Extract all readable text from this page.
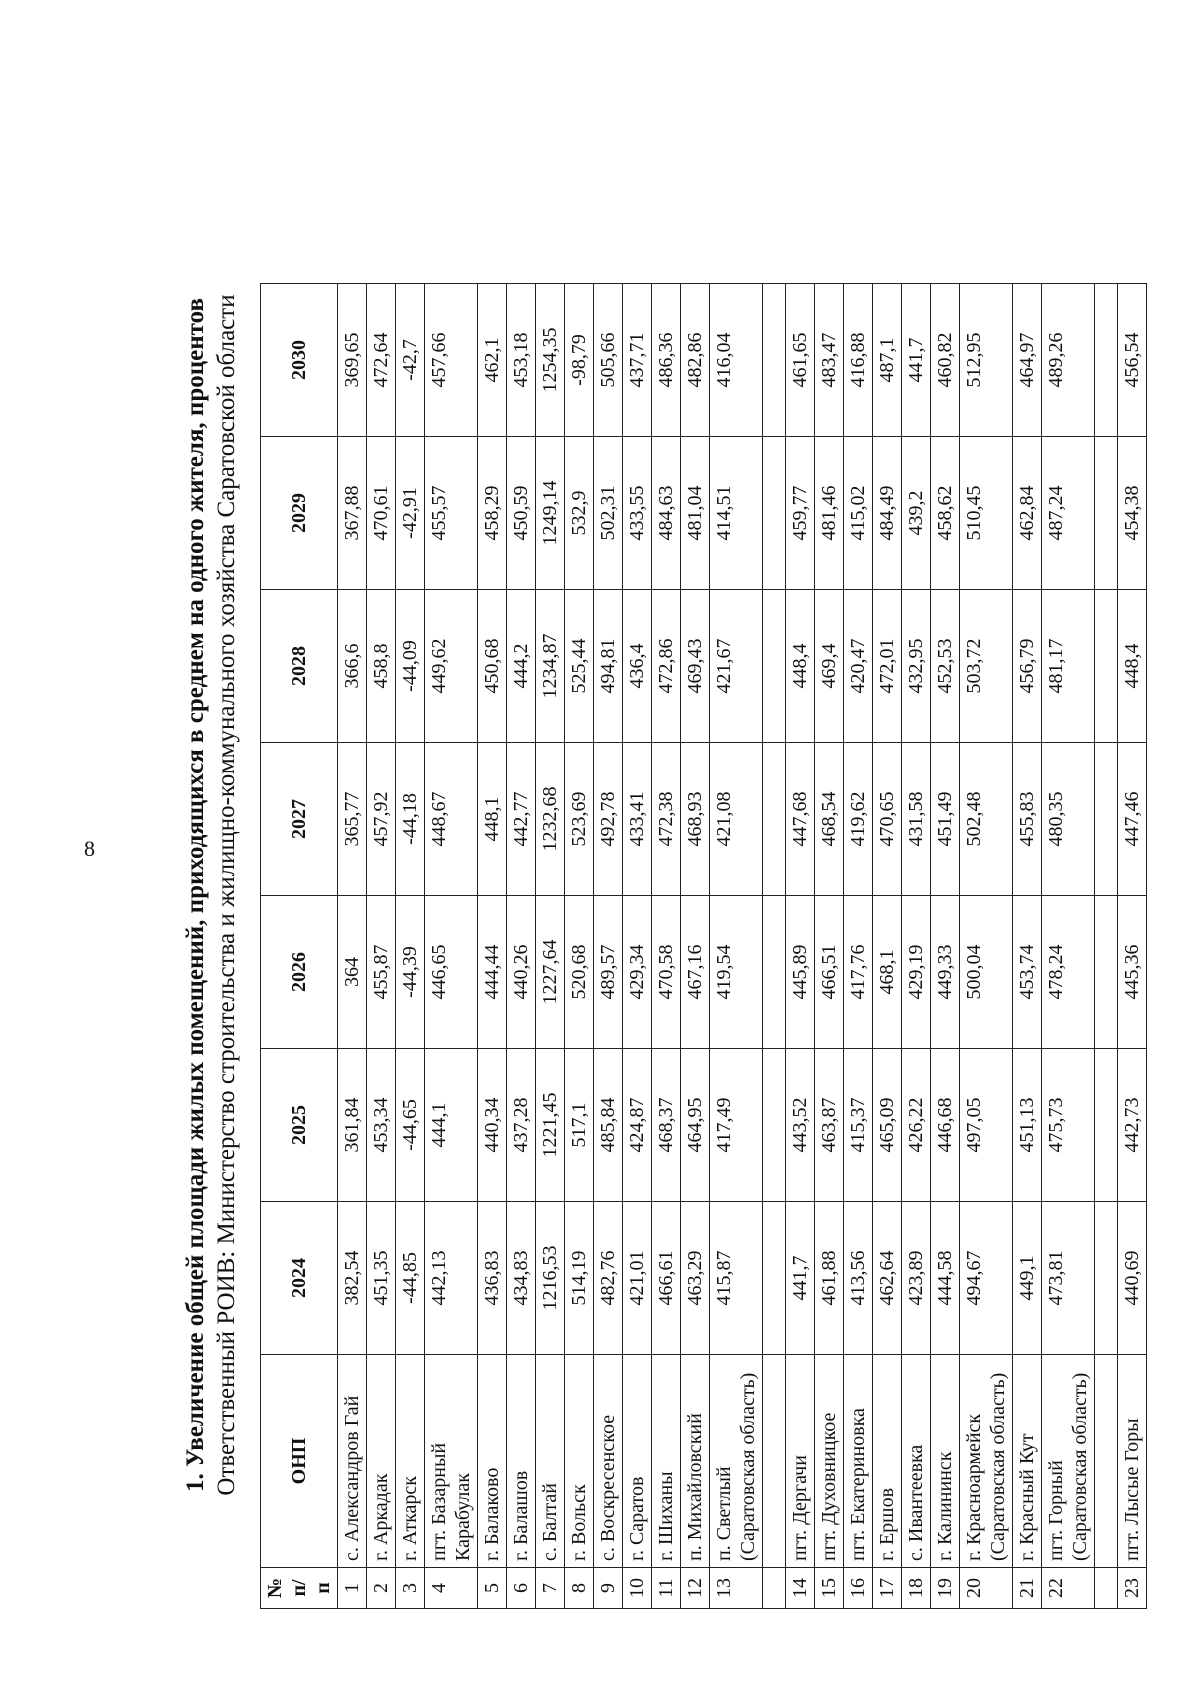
8	1. Увеличение общей площади жилых помещений, приходящихся в среднем на одного жителя, процентов Ответственный РОИВ: Министерство строительства и жилищно-коммунального хозяйства Саратовской области

№ п/п	ОНП	2024	2025	2026	2027	2028	2029	2030
1	с. Александров Гай	382,54	361,84	364	365,77	366,6	367,88	369,65
2	г. Аркадак	451,35	453,34	455,87	457,92	458,8	470,61	472,64
3	г. Аткарск	-44,85	-44,65	-44,39	-44,18	-44,09	-42,91	-42,7
4	пгт. Базарный Карабулак	442,13	444,1	446,65	448,67	449,62	455,57	457,66
5	г. Балаково	436,83	440,34	444,44	448,1	450,68	458,29	462,1
6	г. Балашов	434,83	437,28	440,26	442,77	444,2	450,59	453,18
7	с. Балтай	1216,53	1221,45	1227,64	1232,68	1234,87	1249,14	1254,35
8	г. Вольск	514,19	517,1	520,68	523,69	525,44	532,9	-98,79
9	с. Воскресенское	482,76	485,84	489,57	492,78	494,81	502,31	505,66
10	г. Саратов	421,01	424,87	429,34	433,41	436,4	433,55	437,71
11	г. Шиханы	466,61	468,37	470,58	472,38	472,86	484,63	486,36
12	п. Михайловский	463,29	464,95	467,16	468,93	469,43	481,04	482,86
13	п. Светлый (Саратовская область)	415,87	417,49	419,54	421,08	421,67	414,51	416,04

14	пгт. Дергачи	441,7	443,52	445,89	447,68	448,4	459,77	461,65
15	пгт. Духовницкое	461,88	463,87	466,51	468,54	469,4	481,46	483,47
16	пгт. Екатериновка	413,56	415,37	417,76	419,62	420,47	415,02	416,88
17	г. Ершов	462,64	465,09	468,1	470,65	472,01	484,49	487,1
18	с. Ивантеевка	423,89	426,22	429,19	431,58	432,95	439,2	441,7
19	г. Калининск	444,58	446,68	449,33	451,49	452,53	458,62	460,82
20	г. Красноармейск (Саратовская область)	494,67	497,05	500,04	502,48	503,72	510,45	512,95
21	г. Красный Кут	449,1	451,13	453,74	455,83	456,79	462,84	464,97
22	пгт. Горный (Саратовская область)	473,81	475,73	478,24	480,35	481,17	487,24	489,26

23	пгт. Лысые Горы	440,69	442,73	445,36	447,46	448,4	454,38	456,54
